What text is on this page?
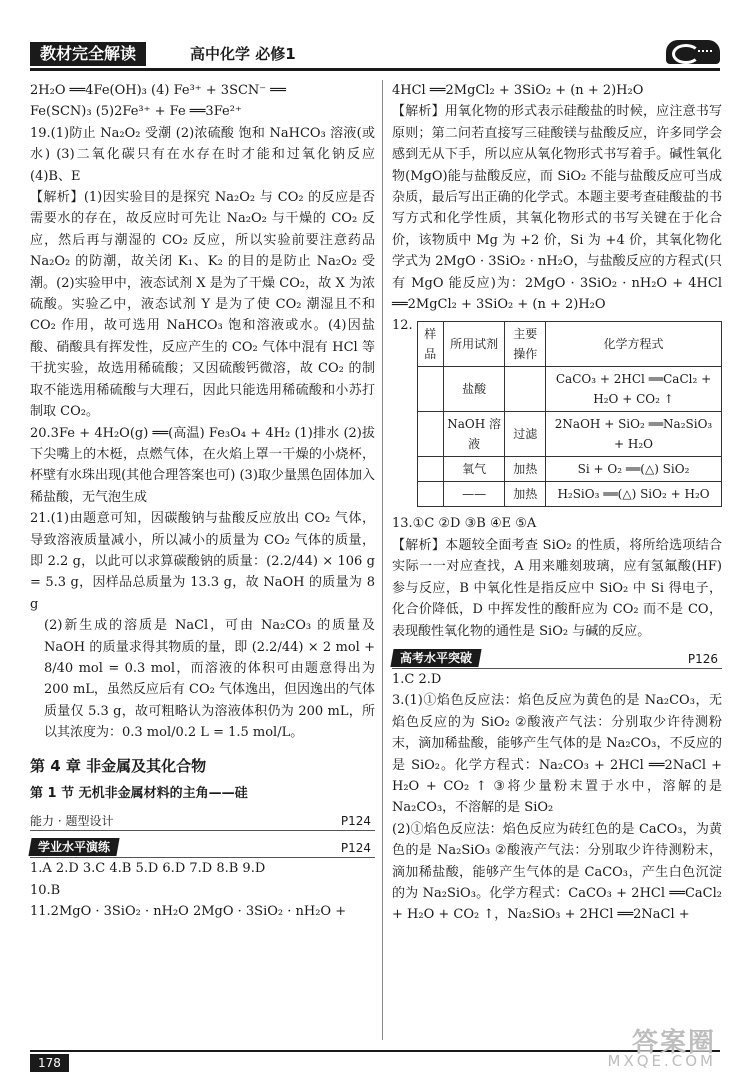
教材完全解读	高中化学 必修1

2H₂O ══4Fe(OH)₃ (4) Fe³⁺ + 3SCN⁻ ══

Fe(SCN)₃ (5)2Fe³⁺ + Fe ══3Fe²⁺

19.(1)防止 Na₂O₂ 受潮 (2)浓硫酸 饱和 NaHCO₃ 溶液(或水) (3)二氧化碳只有在水存在时才能和过氧化钠反应 (4)B、E

【解析】(1)因实验目的是探究 Na₂O₂ 与 CO₂ 的反应是否需要水的存在，故反应时可先让 Na₂O₂ 与干燥的 CO₂ 反应，然后再与潮湿的 CO₂ 反应，所以实验前要注意药品 Na₂O₂ 的防潮，故关闭 K₁、K₂ 的目的是防止 Na₂O₂ 受潮。(2)实验甲中，液态试剂 X 是为了干燥 CO₂，故 X 为浓硫酸。实验乙中，液态试剂 Y 是为了使 CO₂ 潮湿且不和 CO₂ 作用，故可选用 NaHCO₃ 饱和溶液或水。(4)因盐酸、硝酸具有挥发性，反应产生的 CO₂ 气体中混有 HCl 等干扰实验，故选用稀硫酸；又因硫酸钙微溶，故 CO₂ 的制取不能选用稀硫酸与大理石，因此只能选用稀硫酸和小苏打制取 CO₂。

20.3Fe + 4H₂O(g) ══(高温) Fe₃O₄ + 4H₂ (1)排水 (2)拔下尖嘴上的木梃，点燃气体，在火焰上罩一干燥的小烧杯，杯壁有水珠出现(其他合理答案也可) (3)取少量黑色固体加入稀盐酸，无气泡生成

21.(1)由题意可知，因碳酸钠与盐酸反应放出 CO₂ 气体，导致溶液质量减小，所以减小的质量为 CO₂ 气体的质量，即 2.2 g，以此可以求算碳酸钠的质量：(2.2/44) × 106 g = 5.3 g，因样品总质量为 13.3 g，故 NaOH 的质量为 8 g

(2)新生成的溶质是 NaCl，可由 Na₂CO₃ 的质量及 NaOH 的质量求得其物质的量，即 (2.2/44) × 2 mol + 8/40 mol = 0.3 mol，而溶液的体积可由题意得出为 200 mL，虽然反应后有 CO₂ 气体逸出，但因逸出的气体质量仅 5.3 g，故可粗略认为溶液体积仍为 200 mL，所以其浓度为：0.3 mol/0.2 L = 1.5 mol/L。

第 4 章 非金属及其化合物
第 1 节 无机非金属材料的主角——硅
能力 · 题型设计	P124
学业水平演练	P124

1.A 2.D 3.C 4.B 5.D 6.D 7.D 8.B 9.D

10.B

11.2MgO · 3SiO₂ · nH₂O 2MgO · 3SiO₂ · nH₂O +

4HCl ══2MgCl₂ + 3SiO₂ + (n + 2)H₂O

【解析】用氧化物的形式表示硅酸盐的时候，应注意书写原则；第二问若直接写三硅酸镁与盐酸反应，许多同学会感到无从下手，所以应从氧化物形式书写着手。碱性氧化物(MgO)能与盐酸反应，而 SiO₂ 不能与盐酸反应可当成杂质，最后写出正确的化学式。本题主要考查硅酸盐的书写方式和化学性质，其氧化物形式的书写关键在于化合价，该物质中 Mg 为 +2 价，Si 为 +4 价，其氧化物化学式为 2MgO · 3SiO₂ · nH₂O，与盐酸反应的方程式(只有 MgO 能反应)为：2MgO · 3SiO₂ · nH₂O + 4HCl ══2MgCl₂ + 3SiO₂ + (n + 2)H₂O

12.
样品	所用试剂	主要操作	化学方程式
	盐酸		CaCO₃ + 2HCl ══CaCl₂ + H₂O + CO₂ ↑
	NaOH 溶液	过滤	2NaOH + SiO₂ ══Na₂SiO₃ + H₂O
	氧气	加热	Si + O₂ ══(△) SiO₂
	——	加热	H₂SiO₃ ══(△) SiO₂ + H₂O

13.①C ②D ③B ④E ⑤A

【解析】本题较全面考查 SiO₂ 的性质，将所给选项结合实际一一对应查找，A 用来雕刻玻璃，应有氢氟酸(HF)参与反应，B 中氧化性是指反应中 SiO₂ 中 Si 得电子，化合价降低，D 中挥发性的酸酐应为 CO₂ 而不是 CO，表现酸性氧化物的通性是 SiO₂ 与碱的反应。

高考水平突破	P126

1.C 2.D

3.(1)①焰色反应法：焰色反应为黄色的是 Na₂CO₃，无焰色反应的为 SiO₂ ②酸液产气法：分别取少许待测粉末，滴加稀盐酸，能够产生气体的是 Na₂CO₃，不反应的是 SiO₂。化学方程式：Na₂CO₃ + 2HCl ══2NaCl + H₂O + CO₂ ↑ ③将少量粉末置于水中，溶解的是 Na₂CO₃，不溶解的是 SiO₂

(2)①焰色反应法：焰色反应为砖红色的是 CaCO₃，为黄色的是 Na₂SiO₃ ②酸液产气法：分别取少许待测粉末，滴加稀盐酸，能够产生气体的是 CaCO₃，产生白色沉淀的为 Na₂SiO₃。化学方程式：CaCO₃ + 2HCl ══CaCl₂ + H₂O + CO₂ ↑，Na₂SiO₃ + 2HCl ══2NaCl +

178
答案圈
MXQE.COM
